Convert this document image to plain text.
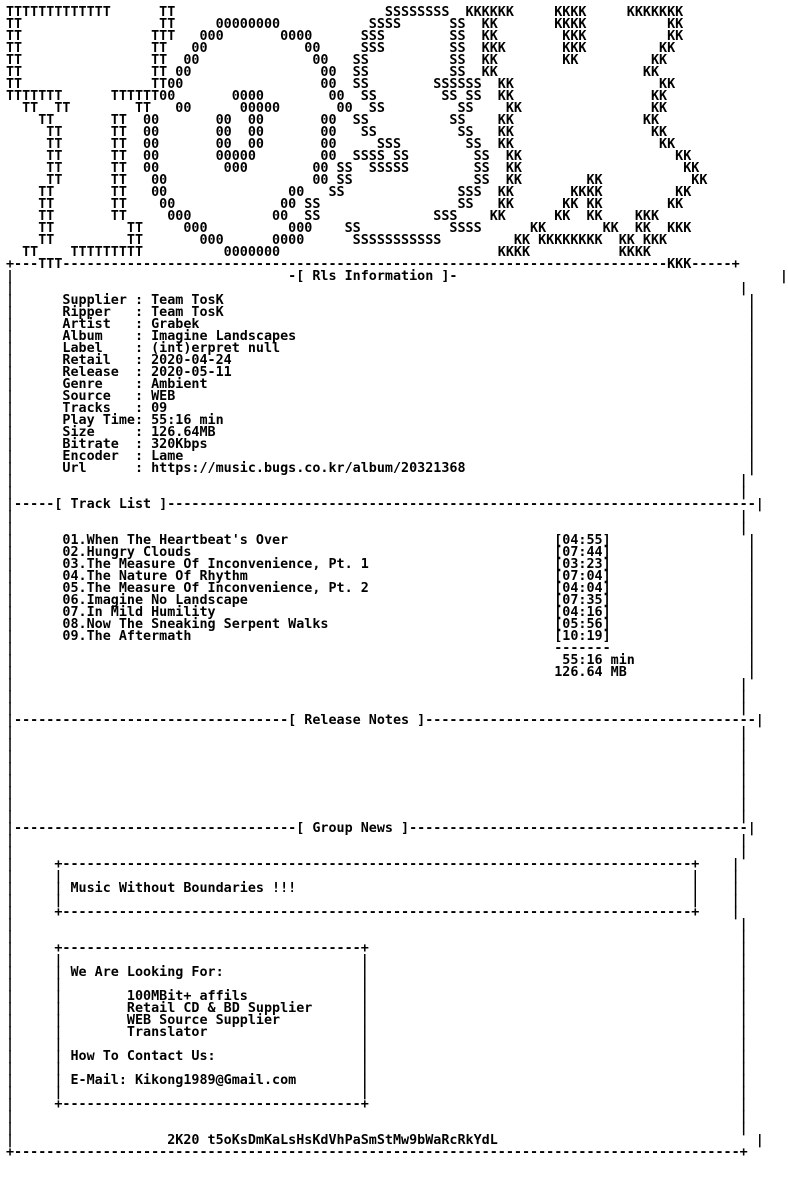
TTTTTTTTTTTTT      TT                          SSSSSSSS  KKKKKK     KKKK     KKKKKKK
TT                 TT     00000000           SSSS      SS  KK       KKKK          KK
TT                TTT   000       0000      SSS        SS  KK        KKK          KK
TT                TT   00            00     SSS        SS  KKK       KKK         KK
TT                TT  00              00   SS          SS  KK        KK         KK
TT                TT 00                00  SS          SS  KK                  KK
TT                TT00                 00  SS        SSSSSS  KK                  KK
TTTTTTT      TTTTTT00       0000        00  SS        SS SS  KK                 KK
TT  TT        TT   00      00000       00  SS         SS    KK                KK
TT       TT  00       00  00       00  SS          SS    KK                KK
TT      TT  00       00  00       00   SS          SS   KK                 KK
TT      TT  00       00  00       00     SSS        SS  KK                  KK
TT      TT  00       00000        00  SSSS SS        SS  KK                   KK
TT      TT  00        000        00 SS  SSSSS        SS  KK                    KK
TT      TT   00                  00 SS               SS  KK        KK           KK
TT       TT   00               00   SS              SSS  KK       KKKK         KK
TT       TT    00             00 SS                 SS   KK      KK KK        KK
TT       TT     000          00  SS              SSS    KK      KK  KK    KKK
TT         TT     000          000    SS           SSSS      KK       KK  KK  KKK
TT         TT       000      0000      SSSSSSSSSSS         KK KKKKKKKK  KK KKK
TT    TTTTTTTTT          0000000                           KKKK           KKKK
+---TTT---------------------------------------------------------------------------KKK-----+
|                                  -[ Rls Information ]-                                        |
|                                                                                          |
|      Supplier : Team TosK                                                                 |
|      Ripper   : Team TosK                                                                 |
|      Artist   : Grabek                                                                    |
|      Album    : Imagine Landscapes                                                        |
|      Label    : (int)erpret null                                                          |
|      Retail   : 2020-04-24                                                                |
|      Release  : 2020-05-11                                                                |
|      Genre    : Ambient                                                                   |
|      Source   : WEB                                                                       |
|      Tracks   : 09                                                                        |
|      Play Time: 55:16 min                                                                 |
|      Size     : 126.64MB                                                                  |
|      Bitrate  : 320Kbps                                                                   |
|      Encoder  : Lame                                                                      |
|      Url      : https://music.bugs.co.kr/album/20321368                                   |
|                                                                                          |
|                                                                                          |
|-----[ Track List ]-------------------------------------------------------------------------|
|                                                                                          |
|                                                                                          |
|      01.When The Heartbeat's Over                                 [04:55]                 |
|      02.Hungry Clouds                                             [07:44]                 |
|      03.The Measure Of Inconvenience, Pt. 1                       [03:23]                 |
|      04.The Nature Of Rhythm                                      [07:04]                 |
|      05.The Measure Of Inconvenience, Pt. 2                       [04:04]                 |
|      06.Imagine No Landscape                                      [07:35]                 |
|      07.In Mild Humility                                          [04:16]                 |
|      08.Now The Sneaking Serpent Walks                            [05:56]                 |
|      09.The Aftermath                                             [10:19]                 |
|                                                                   -------                 |
|                                                                    55:16 min              |
|                                                                   126.64 MB               |
|                                                                                          |
|                                                                                          |
|                                                                                          |
|----------------------------------[ Release Notes ]-----------------------------------------|
|                                                                                          |
|                                                                                          |
|                                                                                          |
|                                                                                          |
|                                                                                          |
|                                                                                          |
|                                                                                          |
|                                                                                          |
|-----------------------------------[ Group News ]------------------------------------------|
|                                                                                          |
|                                                                                          |
|     +------------------------------------------------------------------------------+    |
|     |                                                                              |    |
|     | Music Without Boundaries !!!                                                 |    |
|     |                                                                              |    |
|     +------------------------------------------------------------------------------+    |
|                                                                                          |
|                                                                                          |
|     +-------------------------------------+                                              |
|     |                                     |                                              |
|     | We Are Looking For:                 |                                              |
|     |                                     |                                              |
|     |        100MBit+ affils              |                                              |
|     |        Retail CD & BD Supplier      |                                              |
|     |        WEB Source Supplier          |                                              |
|     |        Translator                   |                                              |
|     |                                     |                                              |
|     | How To Contact Us:                  |                                              |
|     |                                     |                                              |
|     | E-Mail: Kikong1989@Gmail.com        |                                              |
|     |                                     |                                              |
|     +-------------------------------------+                                              |
|                                                                                          |
|                                                                                          |
|                   2K20 t5oKsDmKaLsHsKdVhPaSmStMw9bWaRcRkYdL                                |
+------------------------------------------------------------------------------------------+
